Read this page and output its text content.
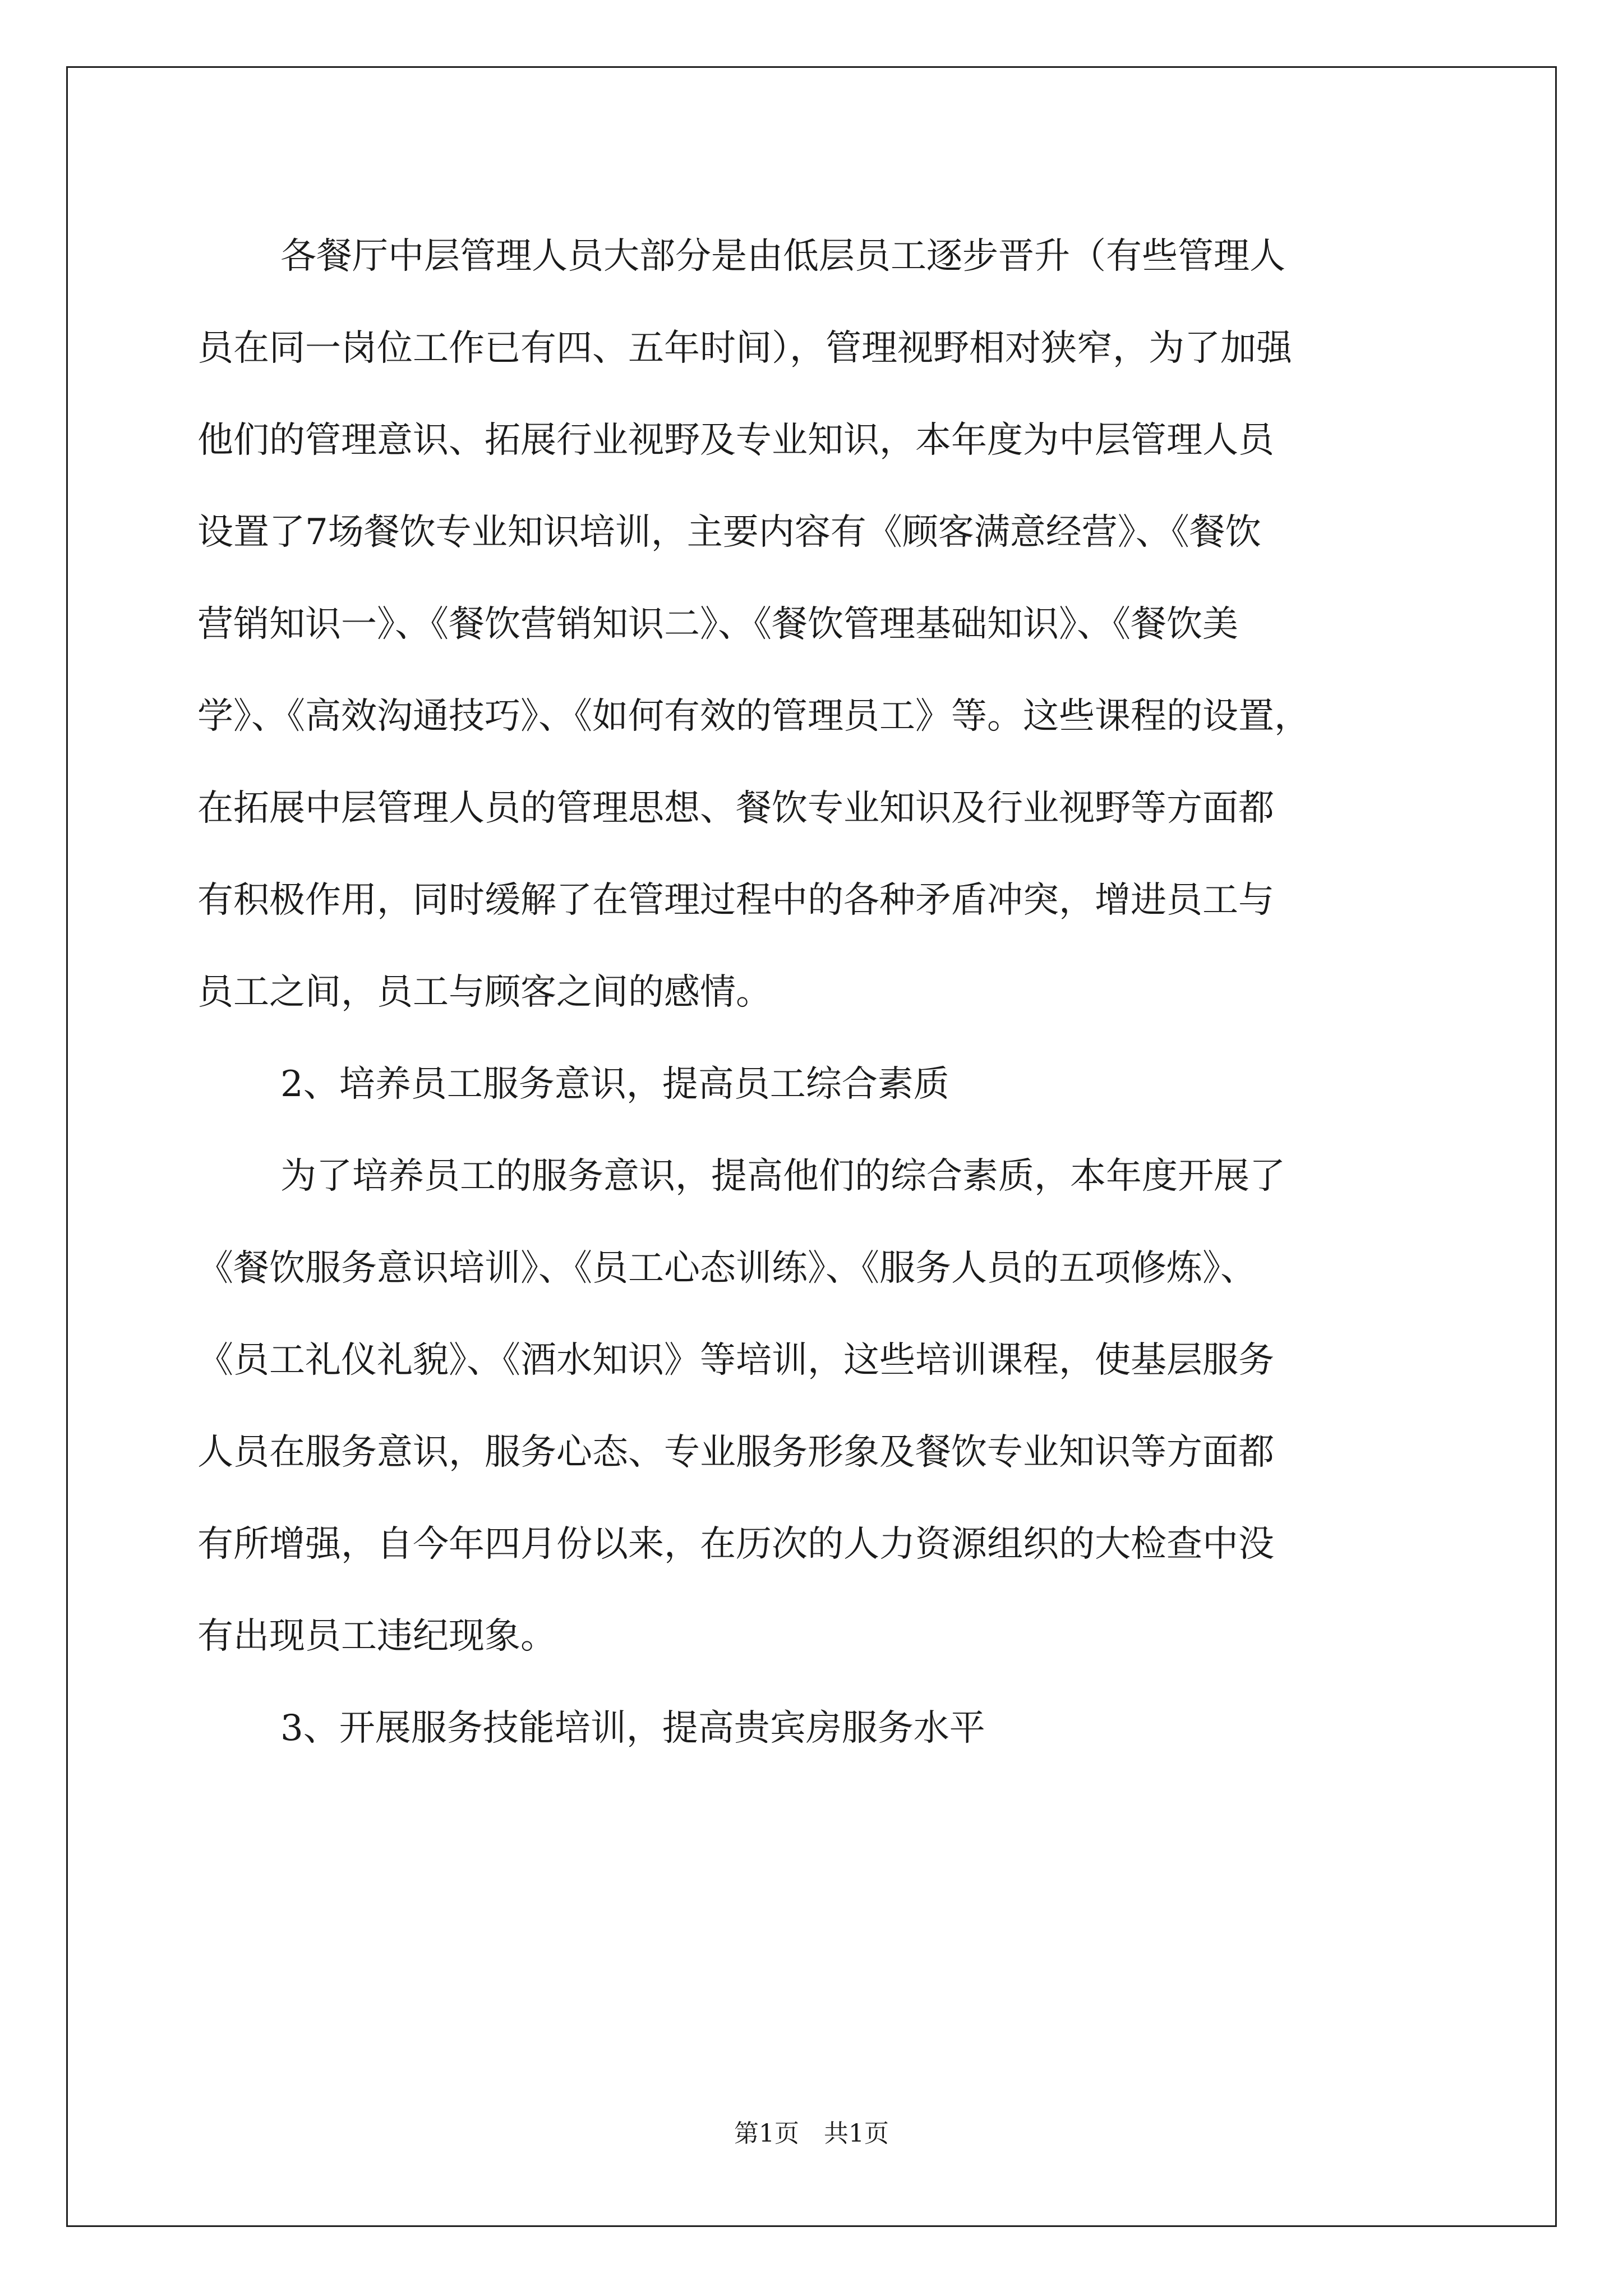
各餐厅中层管理人员大部分是由低层员工逐步晋升（有些管理人

员在同一岗位工作已有四、五年时间），管理视野相对狭窄，为了加强

他们的管理意识、拓展行业视野及专业知识，本年度为中层管理人员

设置了7场餐饮专业知识培训，主要内容有《顾客满意经营》、《餐饮

营销知识一》、《餐饮营销知识二》、《餐饮管理基础知识》、《餐饮美

学》、《高效沟通技巧》、《如何有效的管理员工》等。这些课程的设置，

在拓展中层管理人员的管理思想、餐饮专业知识及行业视野等方面都

有积极作用，同时缓解了在管理过程中的各种矛盾冲突，增进员工与

员工之间，员工与顾客之间的感情。

2、培养员工服务意识，提高员工综合素质

为了培养员工的服务意识，提高他们的综合素质，本年度开展了

《餐饮服务意识培训》、《员工心态训练》、《服务人员的五项修炼》、

《员工礼仪礼貌》、《酒水知识》等培训，这些培训课程，使基层服务

人员在服务意识，服务心态、专业服务形象及餐饮专业知识等方面都

有所增强，自今年四月份以来，在历次的人力资源组织的大检查中没

有出现员工违纪现象。

3、开展服务技能培训，提高贵宾房服务水平

第1页　共1页
